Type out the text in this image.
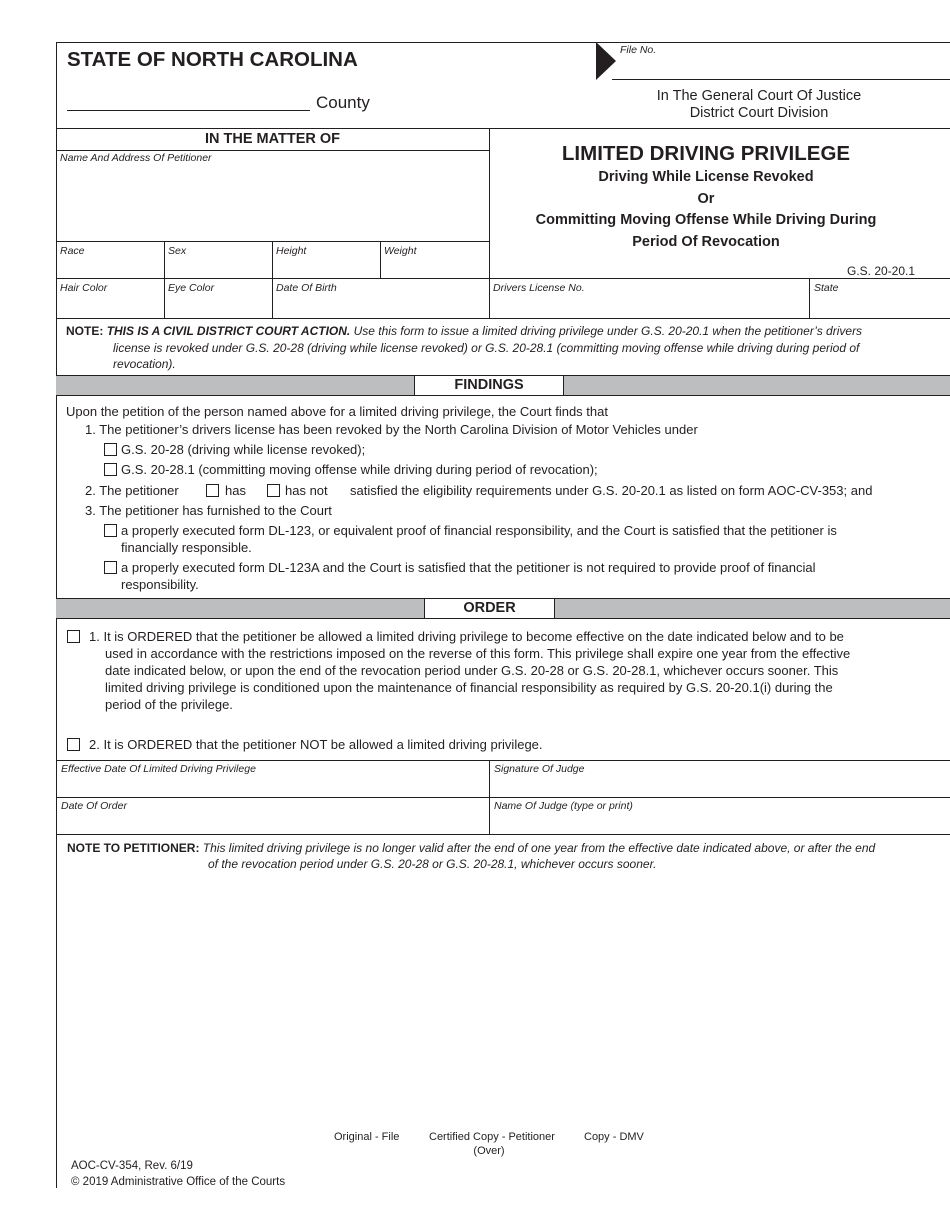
STATE OF NORTH CAROLINA
County
File No.
In The General Court Of Justice
District Court Division
IN THE MATTER OF
Name And Address Of Petitioner
Race	Sex	Height	Weight
Hair Color	Eye Color	Date Of Birth	Drivers License No.	State
LIMITED DRIVING PRIVILEGE
Driving While License Revoked
Or
Committing Moving Offense While Driving During
Period Of Revocation
G.S. 20-20.1
NOTE: THIS IS A CIVIL DISTRICT COURT ACTION. Use this form to issue a limited driving privilege under G.S. 20-20.1 when the petitioner’s drivers
license is revoked under G.S. 20-28 (driving while license revoked) or G.S. 20-28.1 (committing moving offense while driving during period of
revocation).
FINDINGS
Upon the petition of the person named above for a limited driving privilege, the Court finds that
1. The petitioner’s drivers license has been revoked by the North Carolina Division of Motor Vehicles under
G.S. 20-28 (driving while license revoked);
G.S. 20-28.1 (committing moving offense while driving during period of revocation);
2. The petitioner	has	has not satisfied the eligibility requirements under G.S. 20-20.1 as listed on form AOC-CV-353; and
3. The petitioner has furnished to the Court
a properly executed form DL-123, or equivalent proof of financial responsibility, and the Court is satisfied that the petitioner is
financially responsible.
a properly executed form DL-123A and the Court is satisfied that the petitioner is not required to provide proof of financial
responsibility.
ORDER
1. It is ORDERED that the petitioner be allowed a limited driving privilege to become effective on the date indicated below and to be
used in accordance with the restrictions imposed on the reverse of this form. This privilege shall expire one year from the effective
date indicated below, or upon the end of the revocation period under G.S. 20-28 or G.S. 20-28.1, whichever occurs sooner. This
limited driving privilege is conditioned upon the maintenance of financial responsibility as required by G.S. 20-20.1(i) during the
period of the privilege.
2. It is ORDERED that the petitioner NOT be allowed a limited driving privilege.
Effective Date Of Limited Driving Privilege	Signature Of Judge
Date Of Order	Name Of Judge (type or print)
NOTE TO PETITIONER: This limited driving privilege is no longer valid after the end of one year from the effective date indicated above, or after the end
of the revocation period under G.S. 20-28 or G.S. 20-28.1, whichever occurs sooner.
Original - File	Certified Copy - Petitioner	Copy - DMV
(Over)
AOC-CV-354, Rev. 6/19
© 2019 Administrative Office of the Courts
